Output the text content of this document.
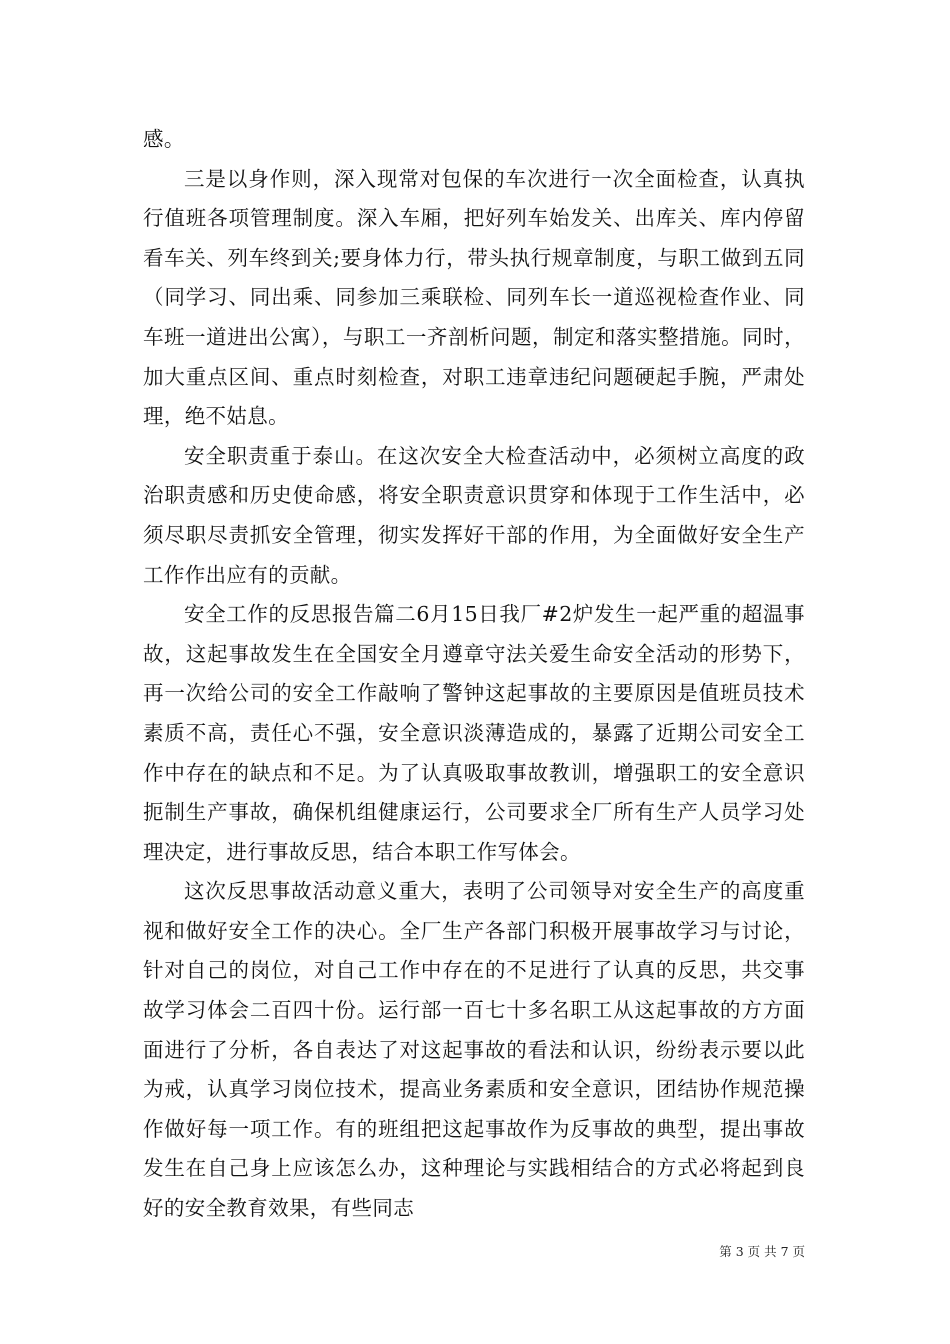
感。

三是以身作则，深入现常对包保的车次进行一次全面检查，认真执行值班各项管理制度。深入车厢，把好列车始发关、出库关、库内停留看车关、列车终到关;要身体力行，带头执行规章制度，与职工做到五同（同学习、同出乘、同参加三乘联检、同列车长一道巡视检查作业、同车班一道进出公寓），与职工一齐剖析问题，制定和落实整措施。同时，加大重点区间、重点时刻检查，对职工违章违纪问题硬起手腕，严肃处理，绝不姑息。

安全职责重于泰山。在这次安全大检查活动中，必须树立高度的政治职责感和历史使命感，将安全职责意识贯穿和体现于工作生活中，必须尽职尽责抓安全管理，彻实发挥好干部的作用，为全面做好安全生产工作作出应有的贡献。

安全工作的反思报告篇二6月15日我厂#2炉发生一起严重的超温事故，这起事故发生在全国安全月遵章守法关爱生命安全活动的形势下，再一次给公司的安全工作敲响了警钟这起事故的主要原因是值班员技术素质不高，责任心不强，安全意识淡薄造成的，暴露了近期公司安全工作中存在的缺点和不足。为了认真吸取事故教训，增强职工的安全意识扼制生产事故，确保机组健康运行，公司要求全厂所有生产人员学习处理决定，进行事故反思，结合本职工作写体会。

这次反思事故活动意义重大，表明了公司领导对安全生产的高度重视和做好安全工作的决心。全厂生产各部门积极开展事故学习与讨论，针对自己的岗位，对自己工作中存在的不足进行了认真的反思，共交事故学习体会二百四十份。运行部一百七十多名职工从这起事故的方方面面进行了分析，各自表达了对这起事故的看法和认识，纷纷表示要以此为戒，认真学习岗位技术，提高业务素质和安全意识，团结协作规范操作做好每一项工作。有的班组把这起事故作为反事故的典型，提出事故发生在自己身上应该怎么办，这种理论与实践相结合的方式必将起到良好的安全教育效果，有些同志

第 3 页 共 7 页
